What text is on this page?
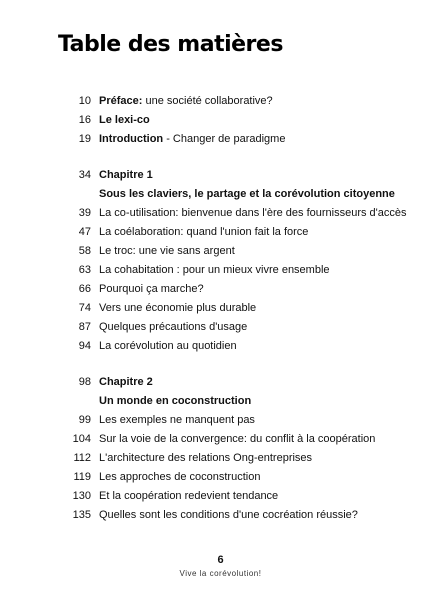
Table des matières
10 Préface: une société collaborative?
16 Le lexi-co
19 Introduction - Changer de paradigme
34 Chapitre 1
Sous les claviers, le partage et la corévolution citoyenne
39 La co-utilisation: bienvenue dans l'ère des fournisseurs d'accès
47 La coélaboration: quand l'union fait la force
58 Le troc: une vie sans argent
63 La cohabitation : pour un mieux vivre ensemble
66 Pourquoi ça marche?
74 Vers une économie plus durable
87 Quelques précautions d'usage
94 La corévolution au quotidien
98 Chapitre 2
Un monde en coconstruction
99 Les exemples ne manquent pas
104 Sur la voie de la convergence: du conflit à la coopération
112 L'architecture des relations Ong-entreprises
119 Les approches de coconstruction
130 Et la coopération redevient tendance
135 Quelles sont les conditions d'une cocréation réussie?
6
Vive la corévolution!
